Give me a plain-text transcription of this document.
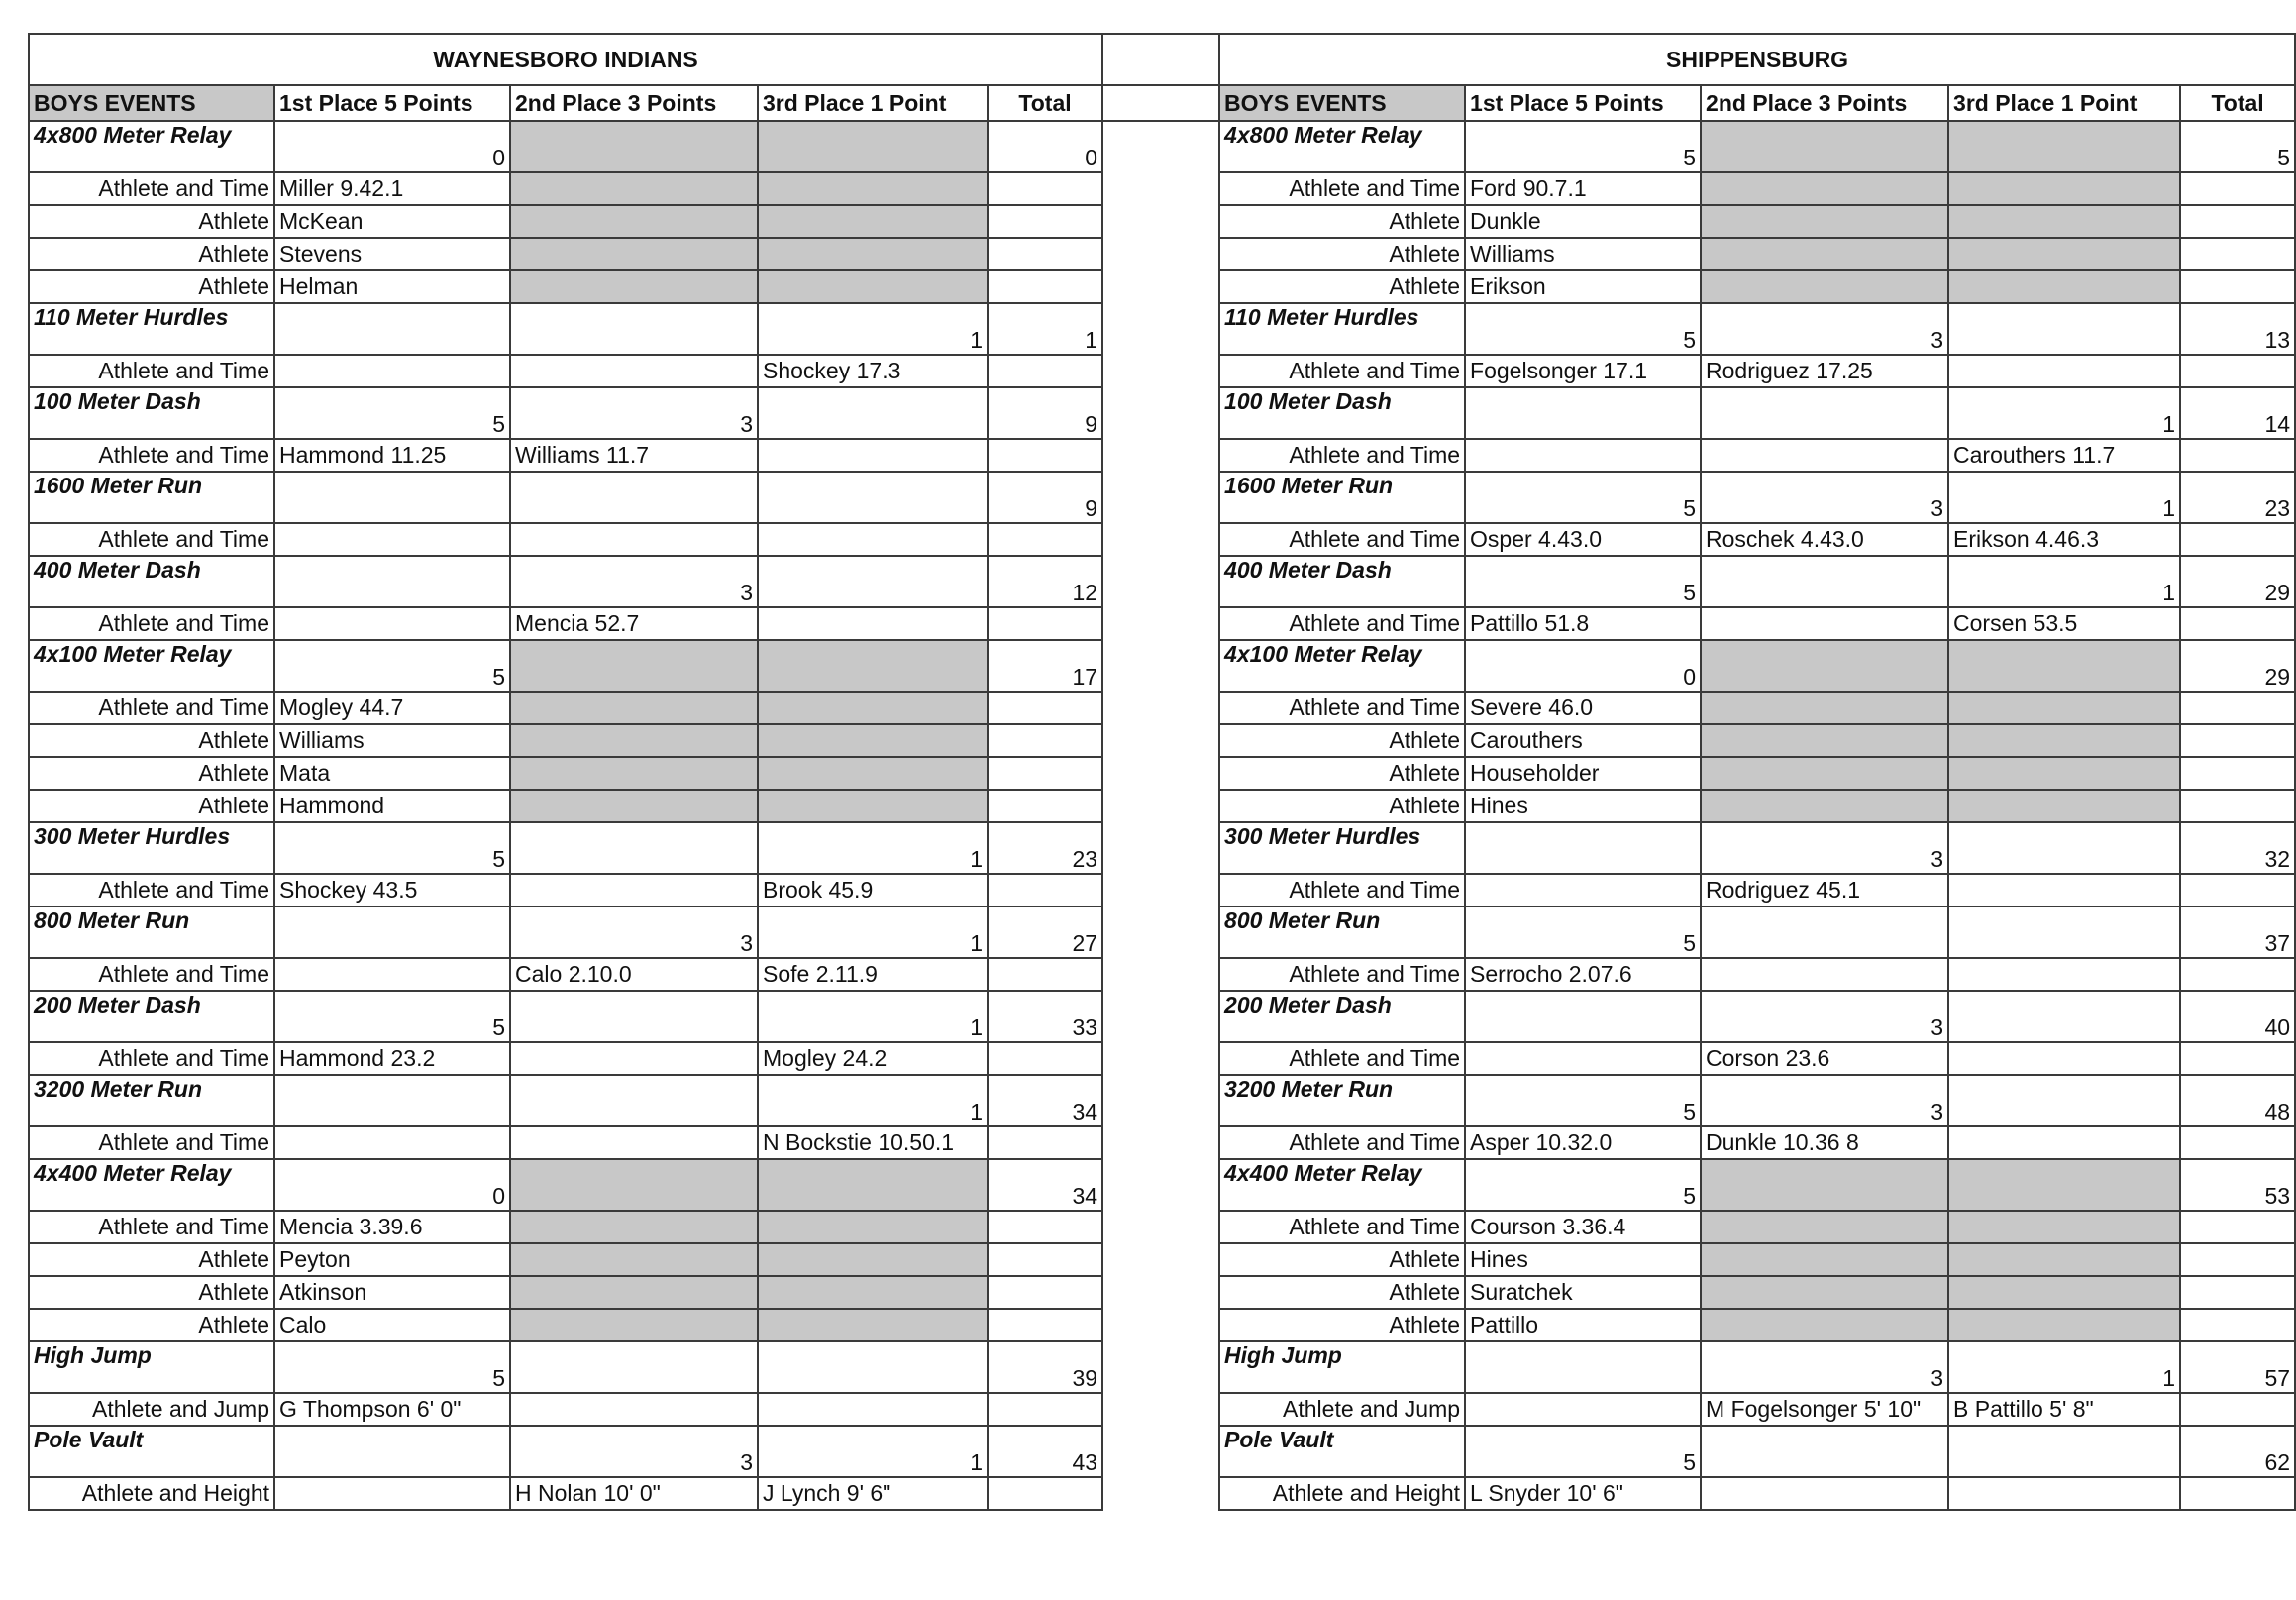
WAYNESBORO INDIANS						SHIPPENSBURG				
BOYS EVENTS	1st Place 5 Points	2nd Place 3 Points	3rd Place 1 Point	Total		BOYS EVENTS	1st Place 5 Points	2nd Place 3 Points	3rd Place 1 Point	Total
4x800 Meter Relay	0			0		4x800 Meter Relay	5			5
Athlete and Time	Miller 9.42.1					Athlete and Time	Ford 90.7.1			
Athlete	McKean					Athlete	Dunkle			
Athlete	Stevens					Athlete	Williams			
Athlete	Helman					Athlete	Erikson			
110 Meter Hurdles			1	1		110 Meter Hurdles	5	3		13
Athlete and Time			Shockey 17.3			Athlete and Time	Fogelsonger 17.1	Rodriguez 17.25		
100 Meter Dash	5	3		9		100 Meter Dash			1	14
Athlete and Time	Hammond 11.25	Williams 11.7				Athlete and Time			Carouthers 11.7	
1600 Meter Run				9		1600 Meter Run	5	3	1	23
Athlete and Time						Athlete and Time	Osper 4.43.0	Roschek 4.43.0	Erikson 4.46.3	
400 Meter Dash		3		12		400 Meter Dash	5		1	29
Athlete and Time		Mencia 52.7				Athlete and Time	Pattillo 51.8		Corsen 53.5	
4x100 Meter Relay	5			17		4x100 Meter Relay	0			29
Athlete and Time	Mogley 44.7					Athlete and Time	Severe 46.0			
Athlete	Williams					Athlete	Carouthers			
Athlete	Mata					Athlete	Householder			
Athlete	Hammond					Athlete	Hines			
300 Meter Hurdles	5		1	23		300 Meter Hurdles		3		32
Athlete and Time	Shockey 43.5		Brook 45.9			Athlete and Time		Rodriguez 45.1		
800 Meter Run		3	1	27		800 Meter Run	5			37
Athlete and Time		Calo 2.10.0	Sofe 2.11.9			Athlete and Time	Serrocho 2.07.6			
200 Meter Dash	5		1	33		200 Meter Dash		3		40
Athlete and Time	Hammond 23.2		Mogley 24.2			Athlete and Time		Corson 23.6		
3200 Meter Run			1	34		3200 Meter Run	5	3		48
Athlete and Time			N Bockstie 10.50.1			Athlete and Time	Asper 10.32.0	Dunkle 10.36 8		
4x400 Meter Relay	0			34		4x400 Meter Relay	5			53
Athlete and Time	Mencia 3.39.6					Athlete and Time	Courson 3.36.4			
Athlete	Peyton					Athlete	Hines			
Athlete	Atkinson					Athlete	Suratchek			
Athlete	Calo					Athlete	Pattillo			
High Jump	5			39		High Jump		3	1	57
Athlete and Jump	G Thompson 6' 0"					Athlete and Jump		M Fogelsonger 5' 10"	B Pattillo 5' 8"	
Pole Vault		3	1	43		Pole Vault	5			62
Athlete and Height		H Nolan 10' 0"	J Lynch 9' 6"			Athlete and Height	L Snyder 10' 6"			
